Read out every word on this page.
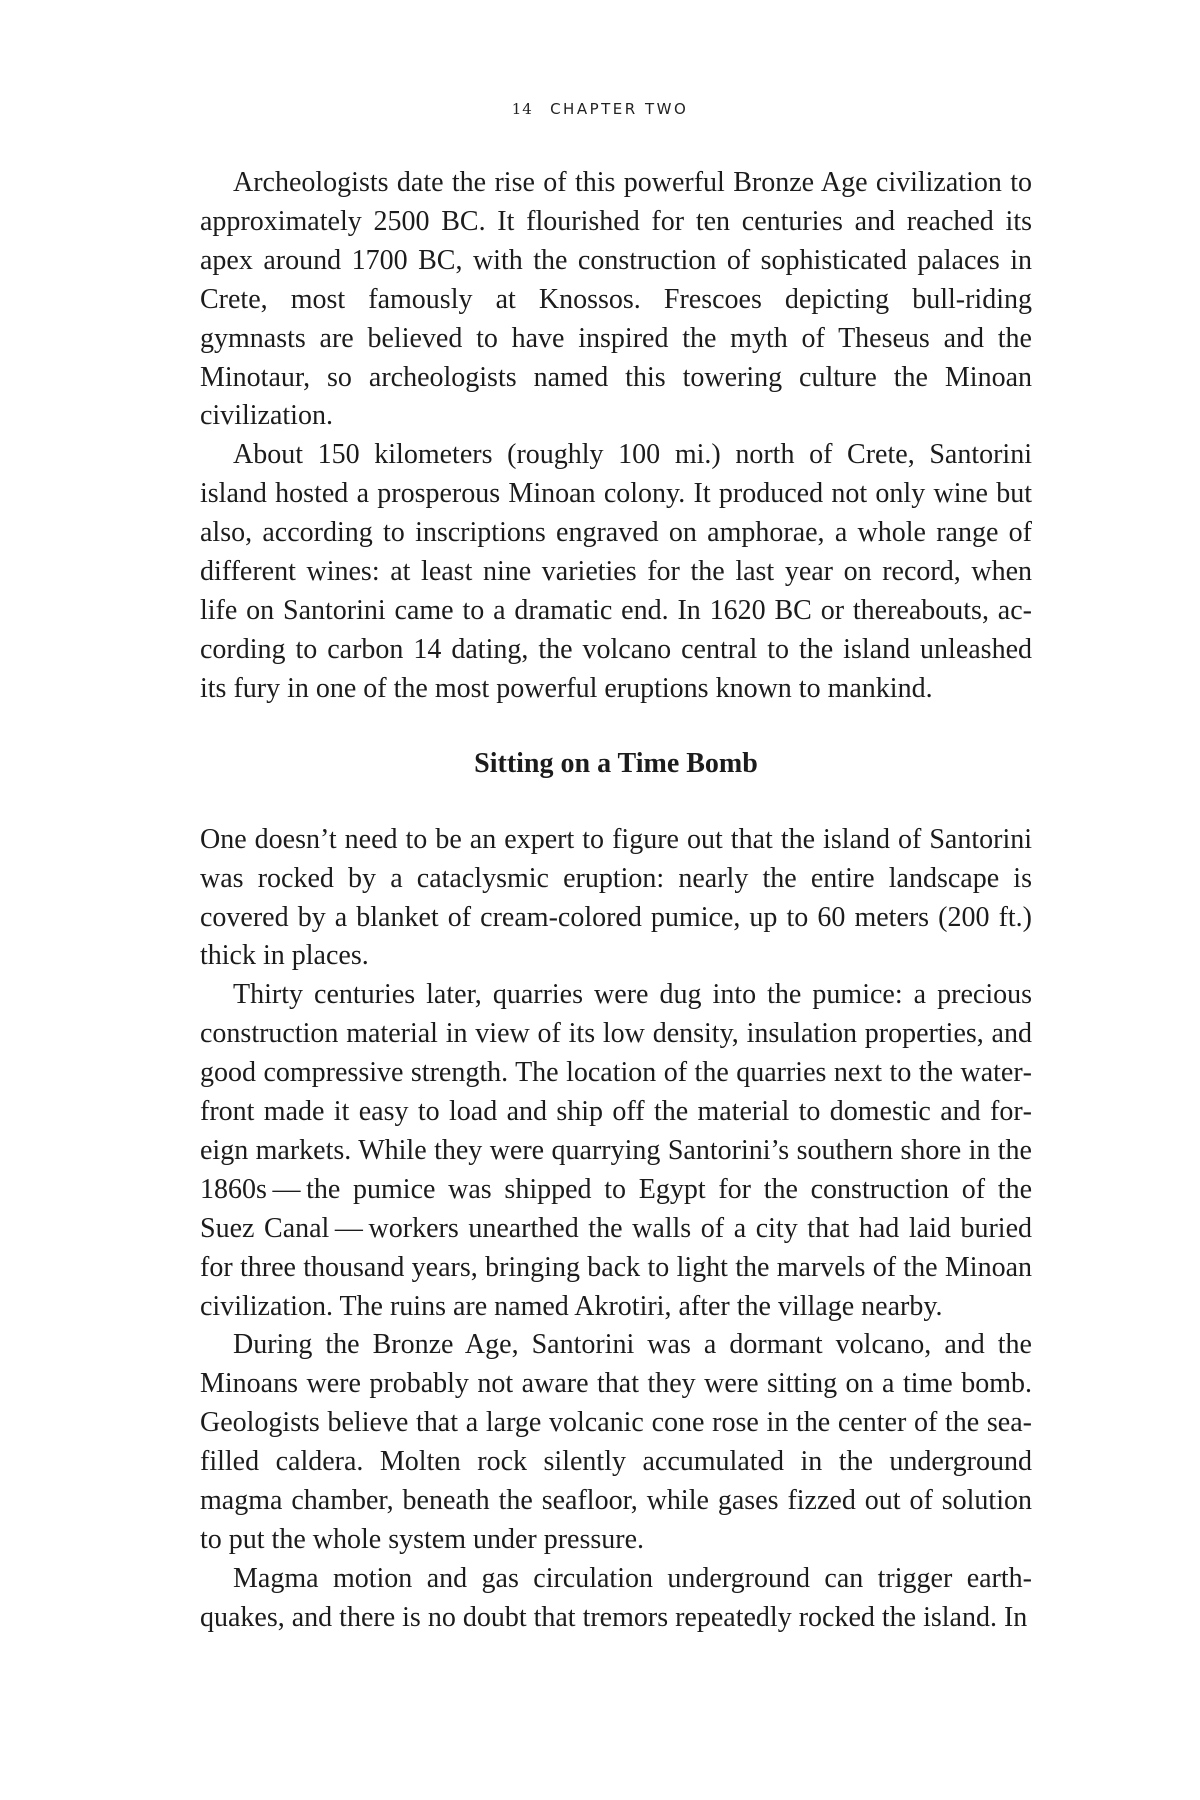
14 CHAPTER TWO

Archeologists date the rise of this powerful Bronze Age civilization to approximately 2500 BC. It flourished for ten centuries and reached its apex around 1700 BC, with the construction of sophisticated palaces in Crete, most famously at Knossos. Frescoes depicting bull-riding gymnasts are believed to have inspired the myth of Theseus and the Minotaur, so archeologists named this towering culture the Minoan civilization.

About 150 kilometers (roughly 100 mi.) north of Crete, Santorini island hosted a prosperous Minoan colony. It produced not only wine but also, according to inscriptions engraved on amphorae, a whole range of different wines: at least nine varieties for the last year on record, when life on Santorini came to a dramatic end. In 1620 BC or thereabouts, according to carbon 14 dating, the volcano central to the island unleashed its fury in one of the most powerful eruptions known to mankind.

Sitting on a Time Bomb

One doesn’t need to be an expert to figure out that the island of Santorini was rocked by a cataclysmic eruption: nearly the entire landscape is covered by a blanket of cream-colored pumice, up to 60 meters (200 ft.) thick in places.

Thirty centuries later, quarries were dug into the pumice: a precious construction material in view of its low density, insulation properties, and good compressive strength. The location of the quarries next to the waterfront made it easy to load and ship off the material to domestic and foreign markets. While they were quarrying Santorini’s southern shore in the 1860s — the pumice was shipped to Egypt for the construction of the Suez Canal — workers unearthed the walls of a city that had laid buried for three thousand years, bringing back to light the marvels of the Minoan civilization. The ruins are named Akrotiri, after the village nearby.

During the Bronze Age, Santorini was a dormant volcano, and the Minoans were probably not aware that they were sitting on a time bomb. Geologists believe that a large volcanic cone rose in the center of the sea-filled caldera. Molten rock silently accumulated in the underground magma chamber, beneath the seafloor, while gases fizzed out of solution to put the whole system under pressure.

Magma motion and gas circulation underground can trigger earthquakes, and there is no doubt that tremors repeatedly rocked the island. In
